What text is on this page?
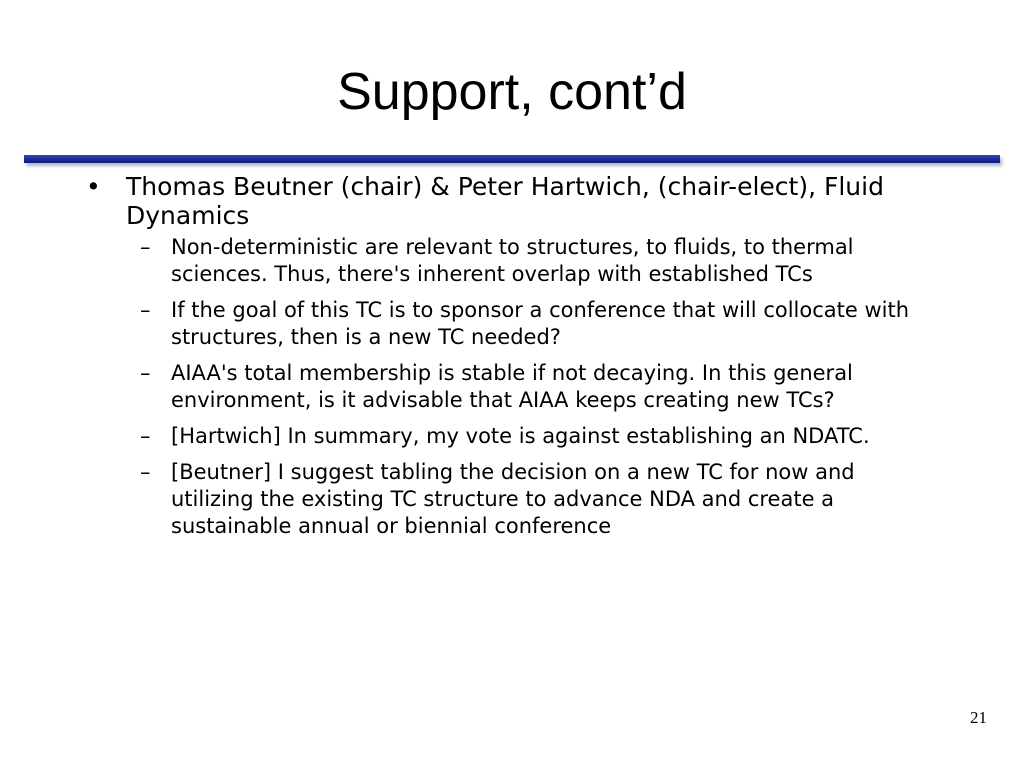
Support, cont’d
• Thomas Beutner (chair) & Peter Hartwich, (chair-elect), Fluid Dynamics
– Non-deterministic are relevant to structures, to fluids, to thermal sciences. Thus, there's inherent overlap with established TCs
– If the goal of this TC is to sponsor a conference that will collocate with structures, then is a new TC needed?
– AIAA's total membership is stable if not decaying. In this general environment, is it advisable that AIAA keeps creating new TCs?
– [Hartwich] In summary, my vote is against establishing an NDATC.
– [Beutner] I suggest tabling the decision on a new TC for now and utilizing the existing TC structure to advance NDA and create a sustainable annual or biennial conference
21
